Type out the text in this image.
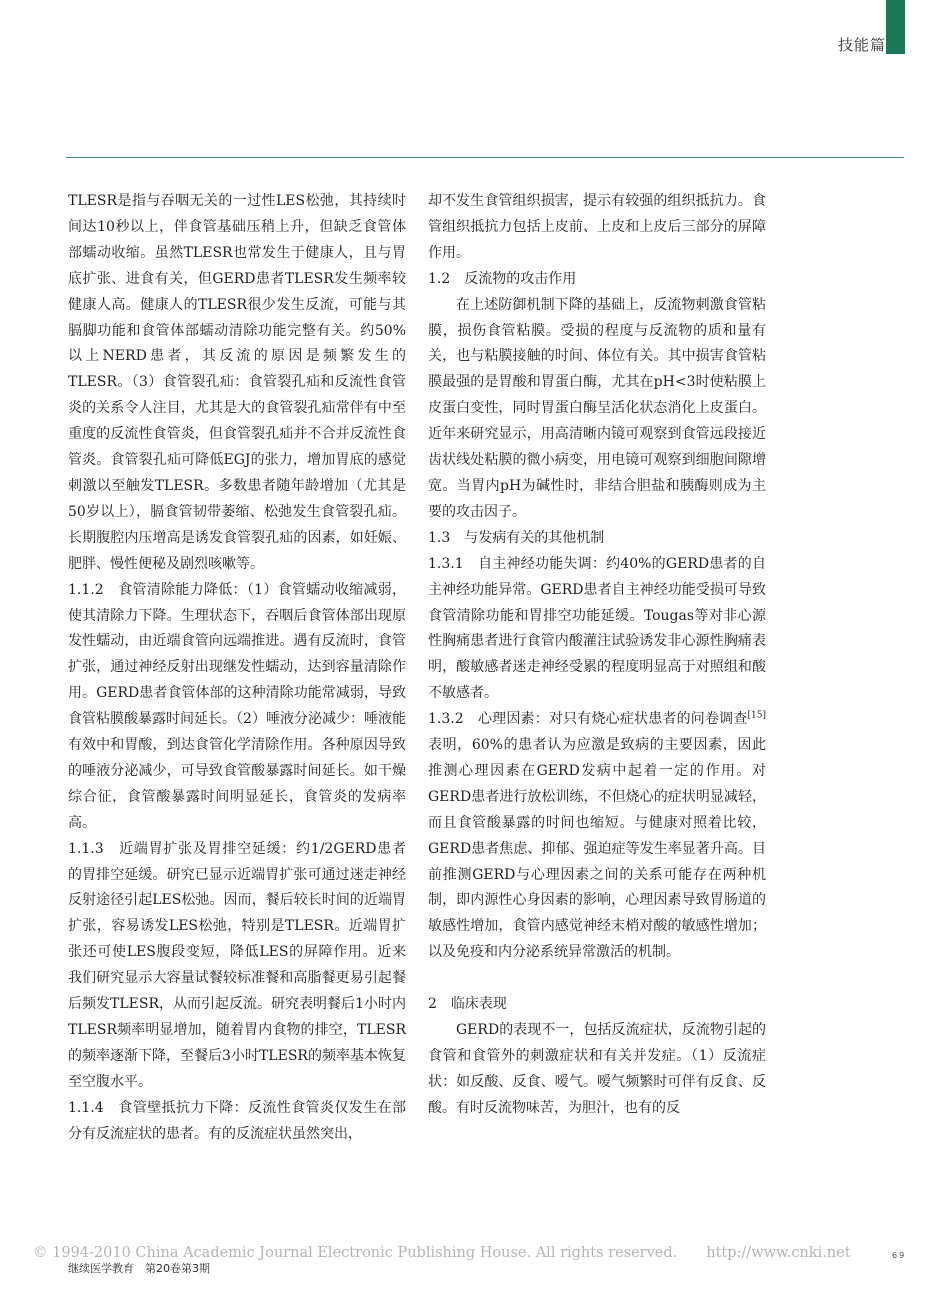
技能篇

TLESR是指与吞咽无关的一过性LES松弛，其持续时间达10秒以上，伴食管基础压稍上升，但缺乏食管体部蠕动收缩。虽然TLESR也常发生于健康人，且与胃底扩张、进食有关，但GERD患者TLESR发生频率较健康人高。健康人的TLESR很少发生反流，可能与其膈脚功能和食管体部蠕动清除功能完整有关。约50%以上NERD患者，其反流的原因是频繁发生的TLESR。（3）食管裂孔疝：食管裂孔疝和反流性食管炎的关系令人注目，尤其是大的食管裂孔疝常伴有中至重度的反流性食管炎，但食管裂孔疝并不合并反流性食管炎。食管裂孔疝可降低EGJ的张力，增加胃底的感觉刺激以至触发TLESR。多数患者随年龄增加（尤其是50岁以上），膈食管韧带萎缩、松弛发生食管裂孔疝。长期腹腔内压增高是诱发食管裂孔疝的因素，如妊娠、肥胖、慢性便秘及剧烈咳嗽等。

1.1.2　食管清除能力降低：（1）食管蠕动收缩减弱，使其清除力下降。生理状态下，吞咽后食管体部出现原发性蠕动，由近端食管向远端推进。遇有反流时，食管扩张，通过神经反射出现继发性蠕动，达到容量清除作用。GERD患者食管体部的这种清除功能常减弱，导致食管粘膜酸暴露时间延长。（2）唾液分泌减少：唾液能有效中和胃酸，到达食管化学清除作用。各种原因导致的唾液分泌减少，可导致食管酸暴露时间延长。如干燥综合征，食管酸暴露时间明显延长，食管炎的发病率高。

1.1.3　近端胃扩张及胃排空延缓：约1/2GERD患者的胃排空延缓。研究已显示近端胃扩张可通过迷走神经反射途径引起LES松弛。因而，餐后较长时间的近端胃扩张，容易诱发LES松弛，特别是TLESR。近端胃扩张还可使LES腹段变短，降低LES的屏障作用。近来我们研究显示大容量试餐较标准餐和高脂餐更易引起餐后频发TLESR，从而引起反流。研究表明餐后1小时内TLESR频率明显增加，随着胃内食物的排空，TLESR的频率逐渐下降，至餐后3小时TLESR的频率基本恢复至空腹水平。

1.1.4　食管壁抵抗力下降：反流性食管炎仅发生在部分有反流症状的患者。有的反流症状虽然突出，

却不发生食管组织损害，提示有较强的组织抵抗力。食管组织抵抗力包括上皮前、上皮和上皮后三部分的屏障作用。

1.2　反流物的攻击作用

在上述防御机制下降的基础上，反流物刺激食管粘膜，损伤食管粘膜。受损的程度与反流物的质和量有关，也与粘膜接触的时间、体位有关。其中损害食管粘膜最强的是胃酸和胃蛋白酶，尤其在pH<3时使粘膜上皮蛋白变性，同时胃蛋白酶呈活化状态消化上皮蛋白。近年来研究显示，用高清晰内镜可观察到食管远段接近齿状线处粘膜的微小病变，用电镜可观察到细胞间隙增宽。当胃内pH为碱性时，非结合胆盐和胰酶则成为主要的攻击因子。

1.3　与发病有关的其他机制

1.3.1　自主神经功能失调：约40%的GERD患者的自主神经功能异常。GERD患者自主神经功能受损可导致食管清除功能和胃排空功能延缓。Tougas等对非心源性胸痛患者进行食管内酸灌注试验诱发非心源性胸痛表明，酸敏感者迷走神经受累的程度明显高于对照组和酸不敏感者。

1.3.2　心理因素：对只有烧心症状患者的问卷调查[15]表明，60%的患者认为应激是致病的主要因素，因此推测心理因素在GERD发病中起着一定的作用。对GERD患者进行放松训练，不但烧心的症状明显减轻，而且食管酸暴露的时间也缩短。与健康对照着比较，GERD患者焦虑、抑郁、强迫症等发生率显著升高。目前推测GERD与心理因素之间的关系可能存在两种机制，即内源性心身因素的影响，心理因素导致胃肠道的敏感性增加，食管内感觉神经末梢对酸的敏感性增加；以及免疫和内分泌系统异常激活的机制。

2　临床表现

GERD的表现不一，包括反流症状，反流物引起的食管和食管外的刺激症状和有关并发症。（1）反流症状：如反酸、反食、嗳气。嗳气频繁时可伴有反食、反酸。有时反流物味苦，为胆汁，也有的反

© 1994-2010 China Academic Journal Electronic Publishing House. All rights reserved.　　http://www.cnki.net
继续医学教育　第20卷第3期
69
